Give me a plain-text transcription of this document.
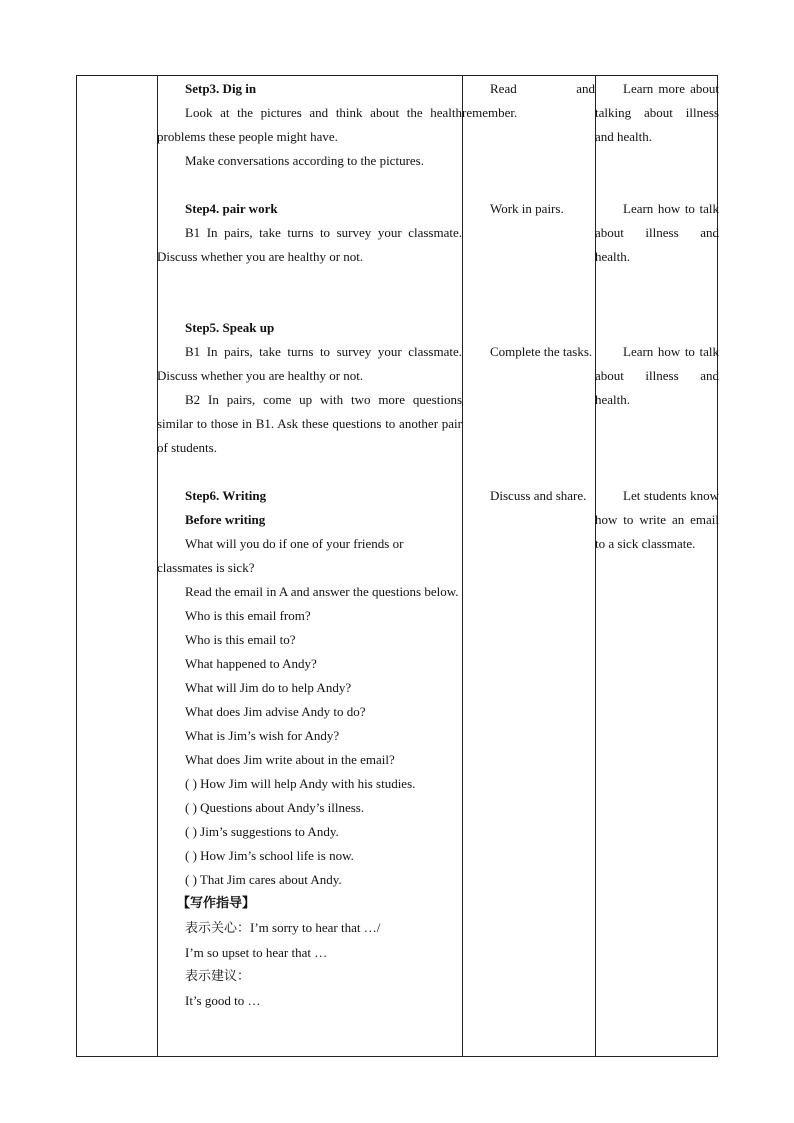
Setp3. Dig in

Look at the pictures and think about the health problems these people might have.

Make conversations according to the pictures.

Step4. pair work

B1 In pairs, take turns to survey your classmate. Discuss whether you are healthy or not.

Step5. Speak up

B1 In pairs, take turns to survey your classmate. Discuss whether you are healthy or not.

B2 In pairs, come up with two more questions similar to those in B1. Ask these questions to another pair of students.

Step6. Writing

Before writing

What will you do if one of your friends or classmates is sick?

Read the email in A and answer the questions below.

Who is this email from?

Who is this email to?

What happened to Andy?

What will Jim do to help Andy?

What does Jim advise Andy to do?

What is Jim’s wish for Andy?

What does Jim write about in the email?

( ) How Jim will help Andy with his studies.

( ) Questions about Andy’s illness.

( ) Jim’s suggestions to Andy.

( ) How Jim’s school life is now.

( ) That Jim cares about Andy.

【写作指导】

表示关心：I’m sorry to hear that …/

I’m so upset to hear that …

表示建议：

It’s good to …

Read and remember.

Work in pairs.

Complete the tasks.

Discuss and share.

Learn more about talking about illness and health.

Learn how to talk about illness and health.

Learn how to talk about illness and health.

Let students know how to write an email to a sick classmate.
